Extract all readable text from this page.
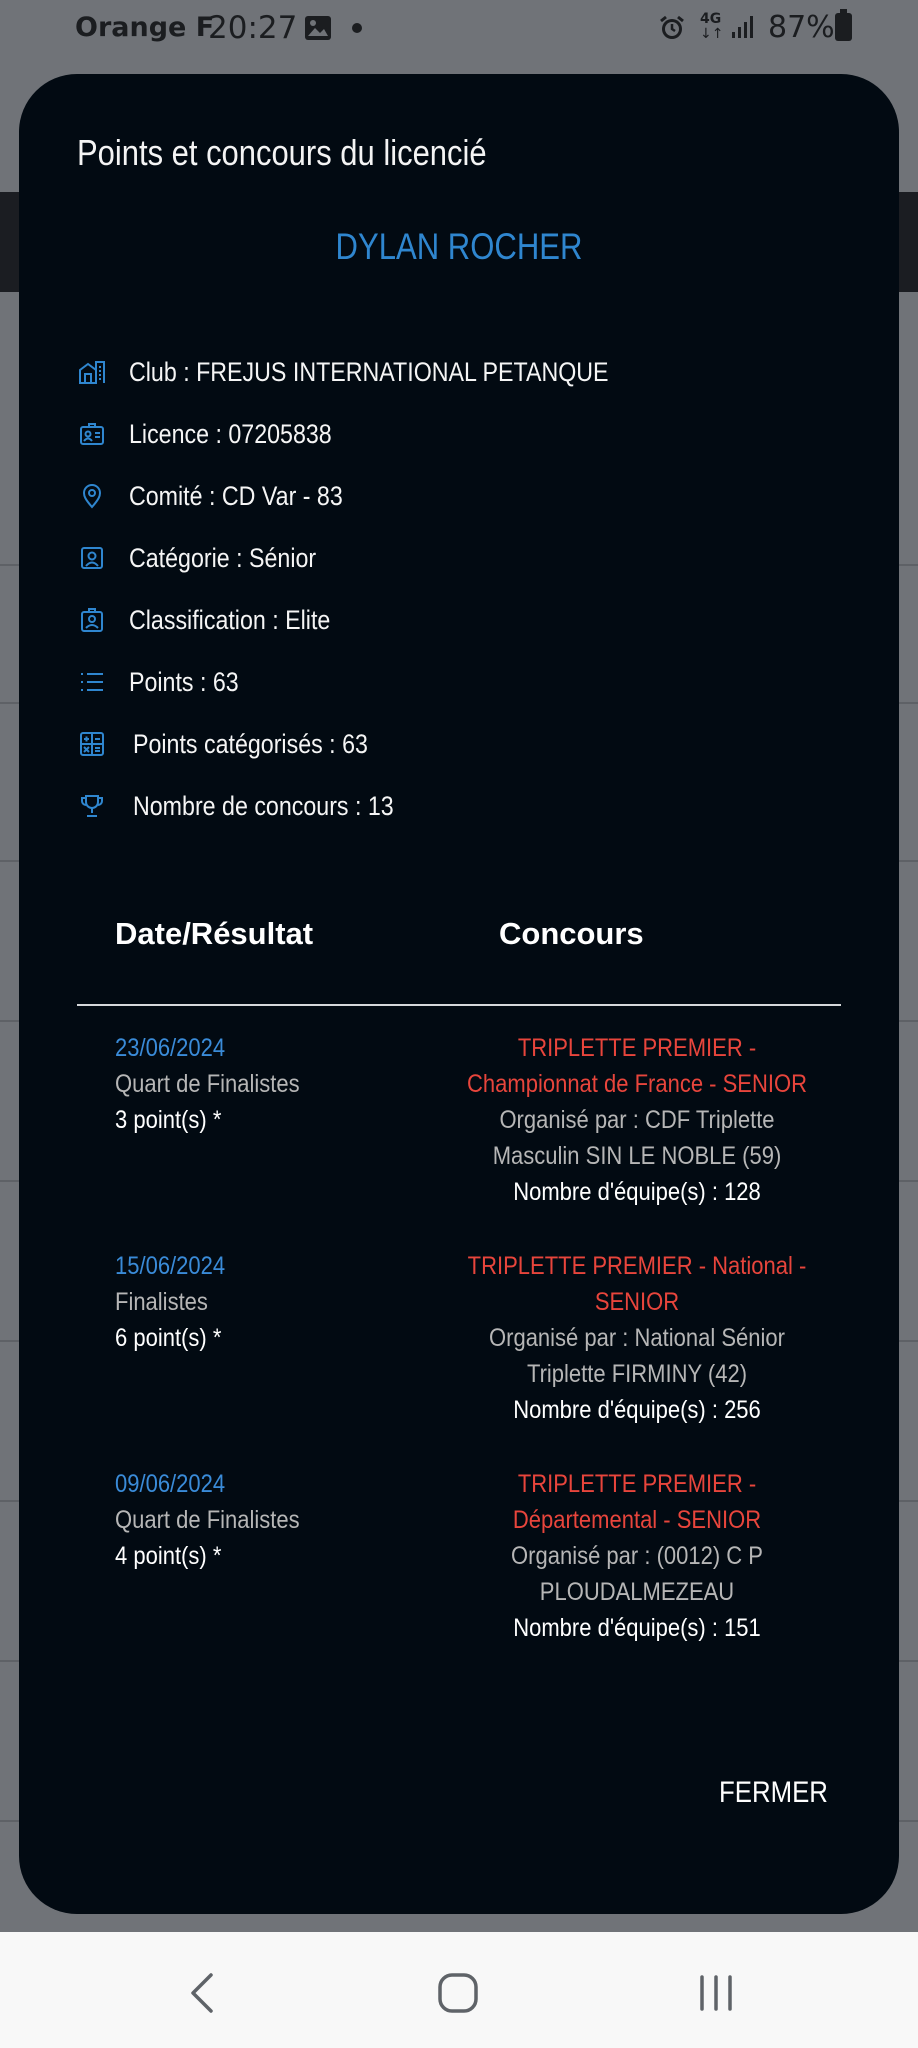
Orange F
20:27	4G
↓↑ 87%
Points et concours du licencié
DYLAN ROCHER
Club : FREJUS INTERNATIONAL PETANQUE
Licence : 07205838
Comité : CD Var - 83
Catégorie : Sénior
Classification : Elite
Points : 63
Points catégorisés : 63
Nombre de concours : 13
Date/Résultat	Concours
23/06/2024
Quart de Finalistes
3 point(s) *
TRIPLETTE PREMIER -
Championnat de France - SENIOR
Organisé par : CDF Triplette
Masculin SIN LE NOBLE (59)
Nombre d'équipe(s) : 128
15/06/2024
Finalistes
6 point(s) *
TRIPLETTE PREMIER - National -
SENIOR
Organisé par : National Sénior
Triplette FIRMINY (42)
Nombre d'équipe(s) : 256
09/06/2024
Quart de Finalistes
4 point(s) *
TRIPLETTE PREMIER -
Départemental - SENIOR
Organisé par : (0012) C P
PLOUDALMEZEAU
Nombre d'équipe(s) : 151
FERMER
